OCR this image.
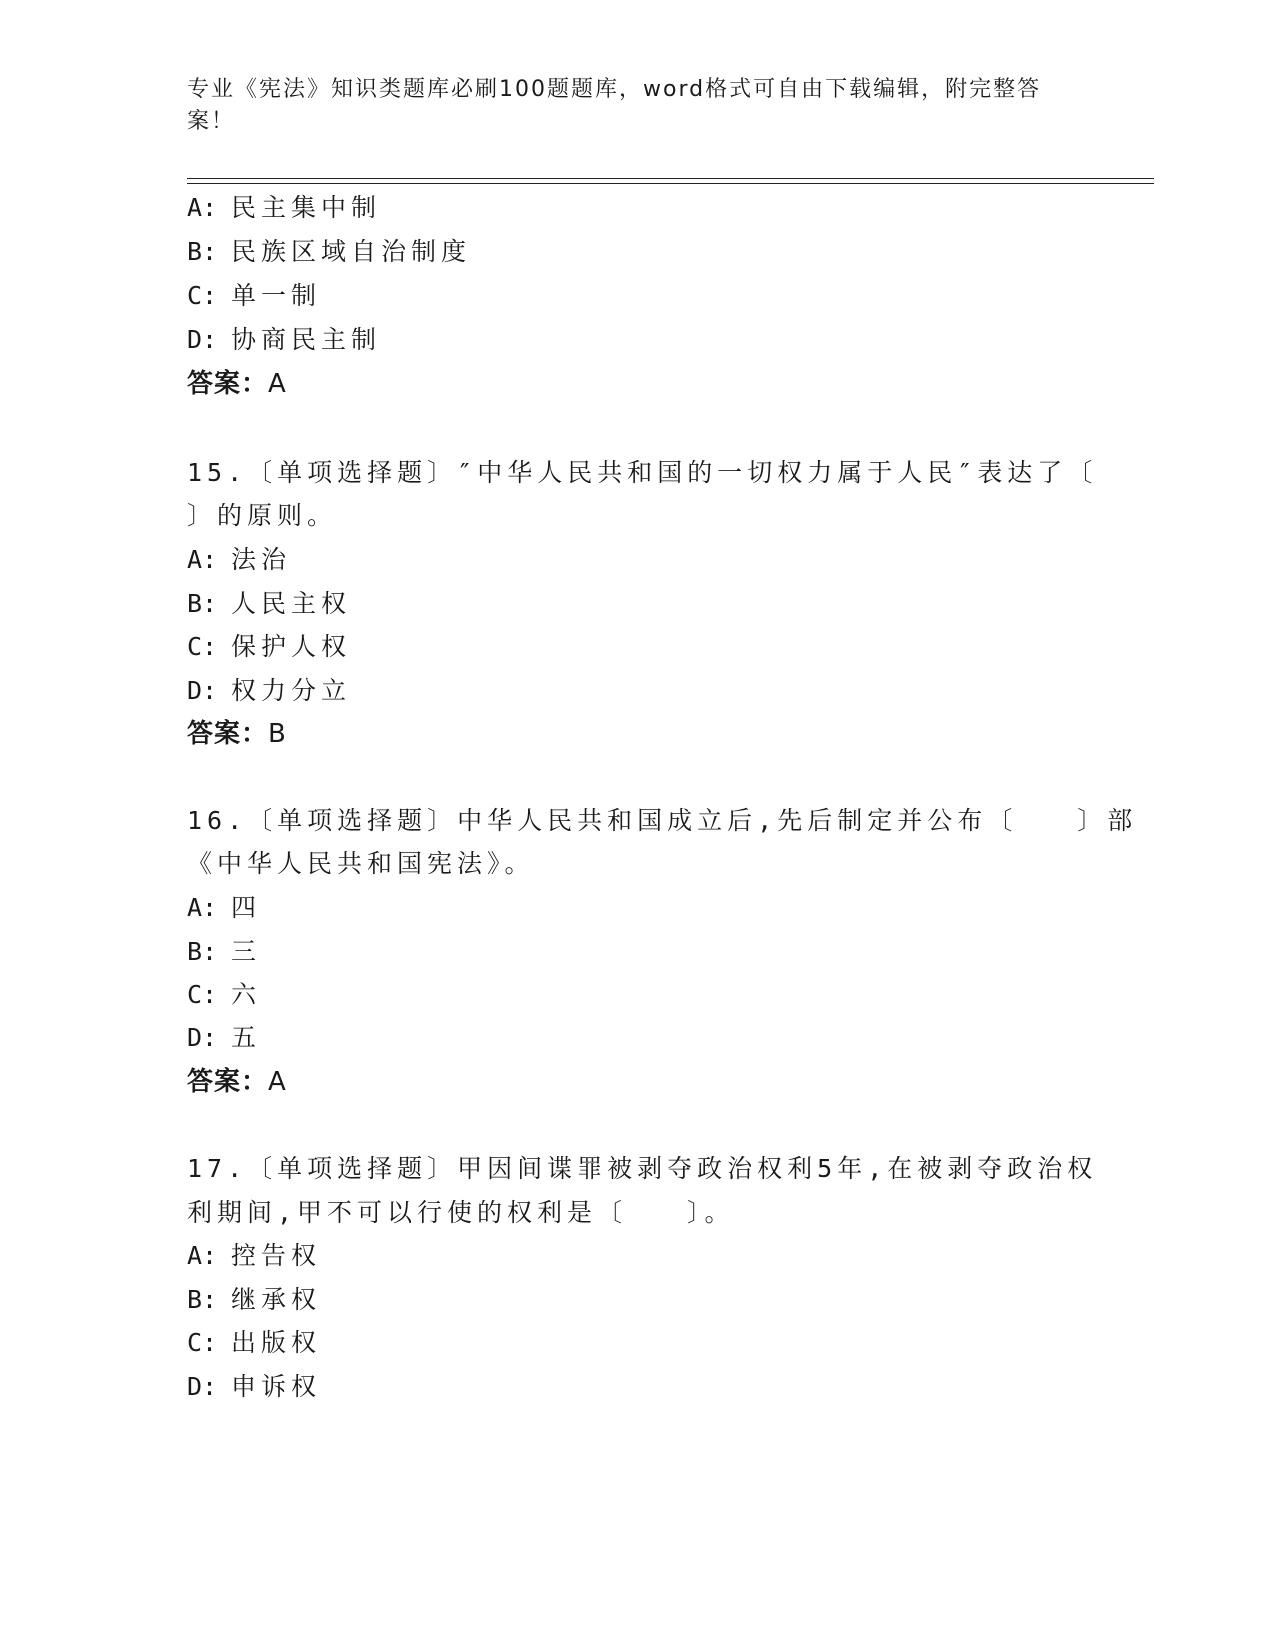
专业《宪法》知识类题库必刷100题题库，word格式可自由下载编辑，附完整答案！
A: 民主集中制
B: 民族区域自治制度
C: 单一制
D: 协商民主制
答案：A
15.〔单项选择题〕″中华人民共和国的一切权力属于人民″表达了〔
〕的原则。
A: 法治
B: 人民主权
C: 保护人权
D: 权力分立
答案：B
16.〔单项选择题〕中华人民共和国成立后,先后制定并公布〔　　〕部
《中华人民共和国宪法》。
A: 四
B: 三
C: 六
D: 五
答案：A
17.〔单项选择题〕甲因间谍罪被剥夺政治权利5年,在被剥夺政治权
利期间,甲不可以行使的权利是〔　　〕。
A: 控告权
B: 继承权
C: 出版权
D: 申诉权
